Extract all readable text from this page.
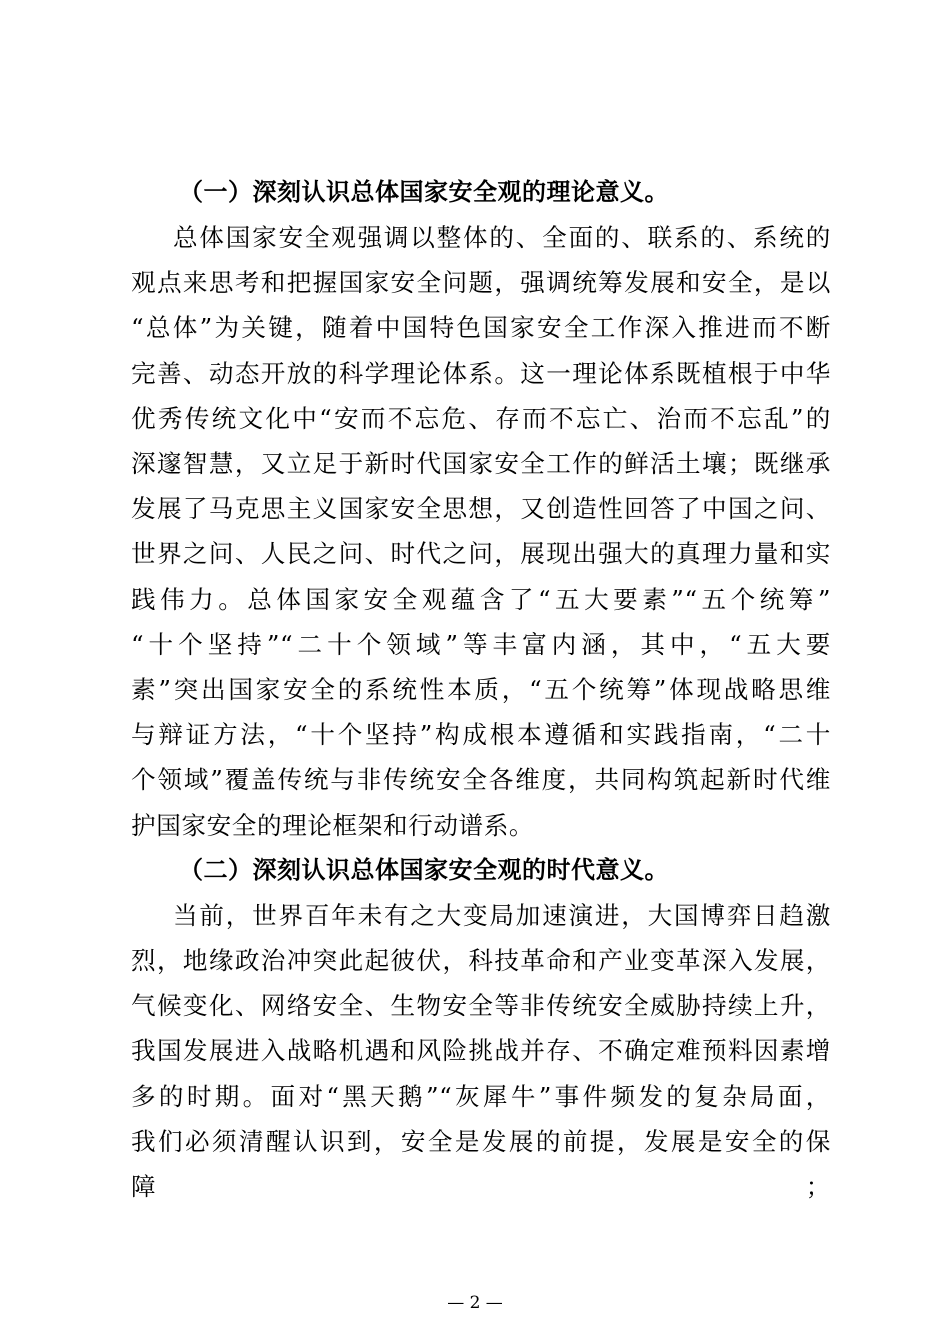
（一）深刻认识总体国家安全观的理论意义。
总体国家安全观强调以整体的、全面的、联系的、系统的
观点来思考和把握国家安全问题，强调统筹发展和安全，是以
“总体”为关键，随着中国特色国家安全工作深入推进而不断
完善、动态开放的科学理论体系。这一理论体系既植根于中华
优秀传统文化中“安而不忘危、存而不忘亡、治而不忘乱”的
深邃智慧，又立足于新时代国家安全工作的鲜活土壤；既继承
发展了马克思主义国家安全思想，又创造性回答了中国之问、
世界之问、人民之问、时代之问，展现出强大的真理力量和实
践伟力。总体国家安全观蕴含了“五大要素”“五个统筹”
“十个坚持”“二十个领域”等丰富内涵，其中，“五大要
素”突出国家安全的系统性本质，“五个统筹”体现战略思维
与辩证方法，“十个坚持”构成根本遵循和实践指南，“二十
个领域”覆盖传统与非传统安全各维度，共同构筑起新时代维
护国家安全的理论框架和行动谱系。
（二）深刻认识总体国家安全观的时代意义。
当前，世界百年未有之大变局加速演进，大国博弈日趋激
烈，地缘政治冲突此起彼伏，科技革命和产业变革深入发展，
气候变化、网络安全、生物安全等非传统安全威胁持续上升，
我国发展进入战略机遇和风险挑战并存、不确定难预料因素增
多的时期。面对“黑天鹅”“灰犀牛”事件频发的复杂局面，
我们必须清醒认识到，安全是发展的前提，发展是安全的保障；
— 2 —
